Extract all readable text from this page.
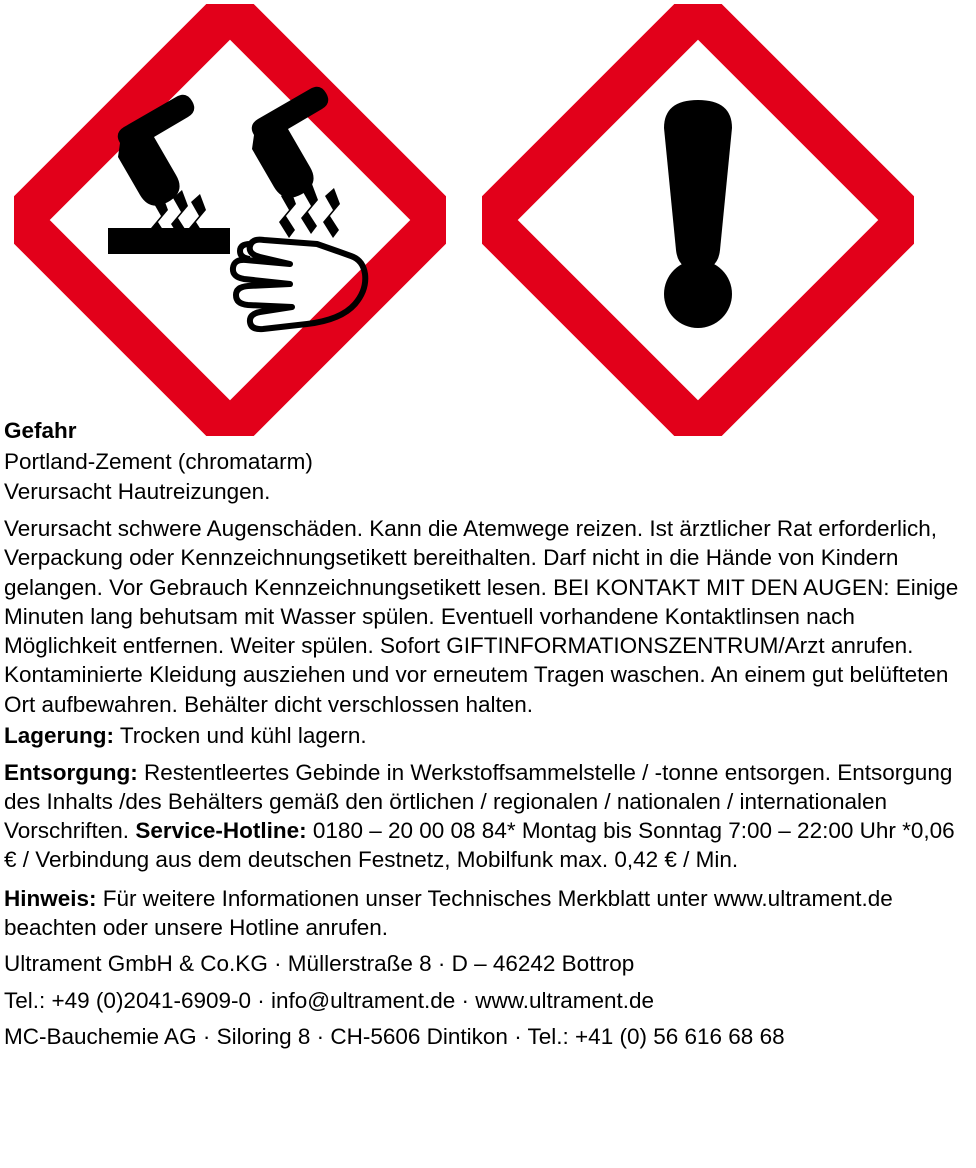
Gefahr

Portland-Zement (chromatarm)

Verursacht Hautreizungen.

Verursacht schwere Augenschäden. Kann die Atemwege reizen. Ist ärztlicher Rat erforderlich, Verpackung oder Kennzeichnungsetikett bereithalten. Darf nicht in die Hände von Kindern gelangen. Vor Gebrauch Kennzeichnungsetikett lesen. BEI KONTAKT MIT DEN AUGEN: Einige Minuten lang behutsam mit Wasser spülen. Eventuell vorhandene Kontaktlinsen nach Möglichkeit entfernen. Weiter spülen. Sofort GIFTINFORMATIONSZENTRUM/Arzt anrufen. Kontaminierte Kleidung ausziehen und vor erneutem Tragen waschen. An einem gut belüfteten Ort aufbewahren. Behälter dicht verschlossen halten.

Lagerung: Trocken und kühl lagern.

Entsorgung: Restentleertes Gebinde in Werkstoffsammelstelle / -tonne entsorgen. Entsorgung des Inhalts /des Behälters gemäß den örtlichen / regionalen / nationalen / internationalen Vorschriften. Service-Hotline: 0180 – 20 00 08 84* Montag bis Sonntag 7:00 – 22:00 Uhr *0,06 € / Verbindung aus dem deutschen Festnetz, Mobilfunk max. 0,42 € / Min.

Hinweis: Für weitere Informationen unser Technisches Merkblatt unter www.ultrament.de beachten oder unsere Hotline anrufen.

Ultrament GmbH & Co.KG · Müllerstraße 8 · D – 46242 Bottrop

Tel.: +49 (0)2041-6909-0 · info@ultrament.de · www.ultrament.de

MC-Bauchemie AG · Siloring 8 · CH-5606 Dintikon · Tel.: +41 (0) 56 616 68 68
